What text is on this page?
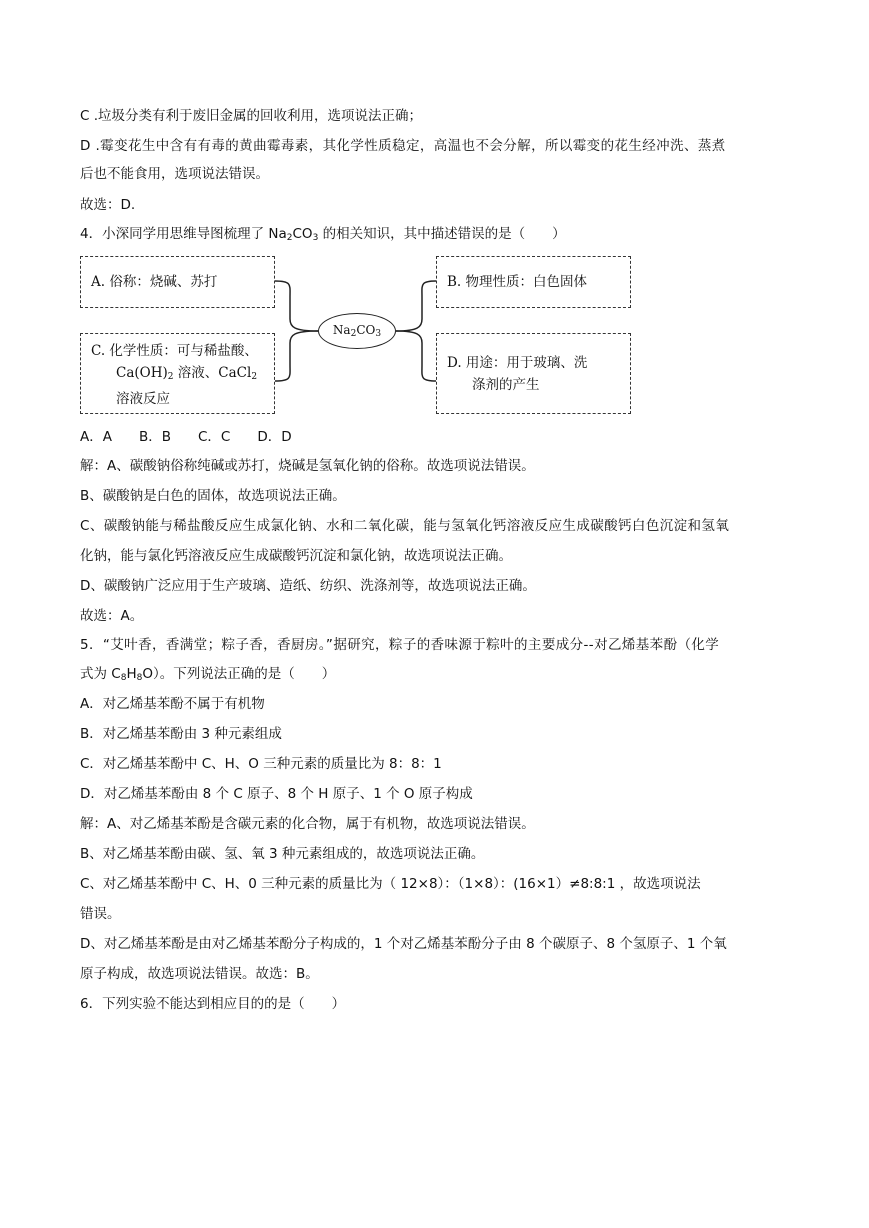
C .垃圾分类有利于废旧金属的回收利用，选项说法正确；
D .霉变花生中含有有毒的黄曲霉毒素，其化学性质稳定，高温也不会分解，所以霉变的花生经冲洗、蒸煮
后也不能食用，选项说法错误。
故选：D.
4．小深同学用思维导图梳理了 $Na_2CO_3$ 的相关知识，其中描述错误的是（　　）
$Na_2CO_3$
A. 俗称：烧碱、苏打	B. 物理性质：白色固体
C. 化学性质：可与稀盐酸、
$Ca(OH)_2$ 溶液、CaCl$_2$
溶液反应
D. 用途：用于玻璃、洗
涤剂的产生
A．A　　B．B　　C．C　　D．D
解：A、碳酸钠俗称纯碱或苏打，烧碱是氢氧化钠的俗称。故选项说法错误。
B、碳酸钠是白色的固体，故选项说法正确。
C、碳酸钠能与稀盐酸反应生成氯化钠、水和二氧化碳，能与氢氧化钙溶液反应生成碳酸钙白色沉淀和氢氧
化钠，能与氯化钙溶液反应生成碳酸钙沉淀和氯化钠，故选项说法正确。
D、碳酸钠广泛应用于生产玻璃、造纸、纺织、洗涤剂等，故选项说法正确。
故选：A。
5．“艾叶香，香满堂；粽子香，香厨房。”据研究，粽子的香味源于粽叶的主要成分--对乙烯基苯酚（化学
式为 $C_8H_8O$）。下列说法正确的是（　　）
A．对乙烯基苯酚不属于有机物
B．对乙烯基苯酚由 3 种元素组成
C．对乙烯基苯酚中 C、H、O 三种元素的质量比为 8：8：1
D．对乙烯基苯酚由 8 个 C 原子、8 个 H 原子、1 个 O 原子构成
解：A、对乙烯基苯酚是含碳元素的化合物，属于有机物，故选项说法错误。
B、对乙烯基苯酚由碳、氢、氧 3 种元素组成的，故选项说法正确。
C、对乙烯基苯酚中 C、H、0 三种元素的质量比为（ 12×8）：（1×8）：(16×1）≠8:8:1 ，故选项说法
错误。
D、对乙烯基苯酚是由对乙烯基苯酚分子构成的，1 个对乙烯基苯酚分子由 8 个碳原子、8 个氢原子、1 个氧
原子构成，故选项说法错误。故选：B。
6．下列实验不能达到相应目的的是（　　）
